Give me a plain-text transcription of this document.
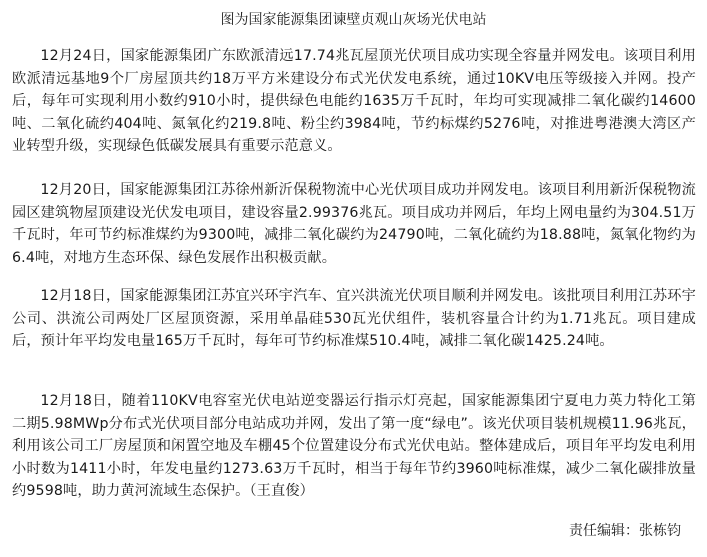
图为国家能源集团谏壁贞观山灰场光伏电站

12月24日，国家能源集团广东欧派清远17.74兆瓦屋顶光伏项目成功实现全容量并网发电。该项目利用欧派清远基地9个厂房屋顶共约18万平方米建设分布式光伏发电系统，通过10KV电压等级接入并网。投产后，每年可实现利用小数约910小时，提供绿色电能约1635万千瓦时，年均可实现减排二氧化碳约14600吨、二氧化硫约404吨、氮氧化约219.8吨、粉尘约3984吨，节约标煤约5276吨，对推进粤港澳大湾区产业转型升级，实现绿色低碳发展具有重要示范意义。

12月20日，国家能源集团江苏徐州新沂保税物流中心光伏项目成功并网发电。该项目利用新沂保税物流园区建筑物屋顶建设光伏发电项目，建设容量2.99376兆瓦。项目成功并网后，年均上网电量约为304.51万千瓦时，年可节约标准煤约为9300吨，减排二氧化碳约为24790吨，二氧化硫约为18.88吨，氮氧化物约为6.4吨，对地方生态环保、绿色发展作出积极贡献。

12月18日，国家能源集团江苏宜兴环宇汽车、宜兴洪流光伏项目顺利并网发电。该批项目利用江苏环宇公司、洪流公司两处厂区屋顶资源，采用单晶硅530瓦光伏组件，装机容量合计约为1.71兆瓦。项目建成后，预计年平均发电量165万千瓦时，每年可节约标准煤510.4吨，减排二氧化碳1425.24吨。

12月18日，随着110KV电容室光伏电站逆变器运行指示灯亮起，国家能源集团宁夏电力英力特化工第二期5.98MWp分布式光伏项目部分电站成功并网，发出了第一度“绿电”。该光伏项目装机规模11.96兆瓦，利用该公司工厂房屋顶和闲置空地及车棚45个位置建设分布式光伏电站。整体建成后，项目年平均发电利用小时数为1411小时，年发电量约1273.63万千瓦时，相当于每年节约3960吨标准煤，减少二氧化碳排放量约9598吨，助力黄河流域生态保护。（王直俊）

责任编辑：张栋钧
